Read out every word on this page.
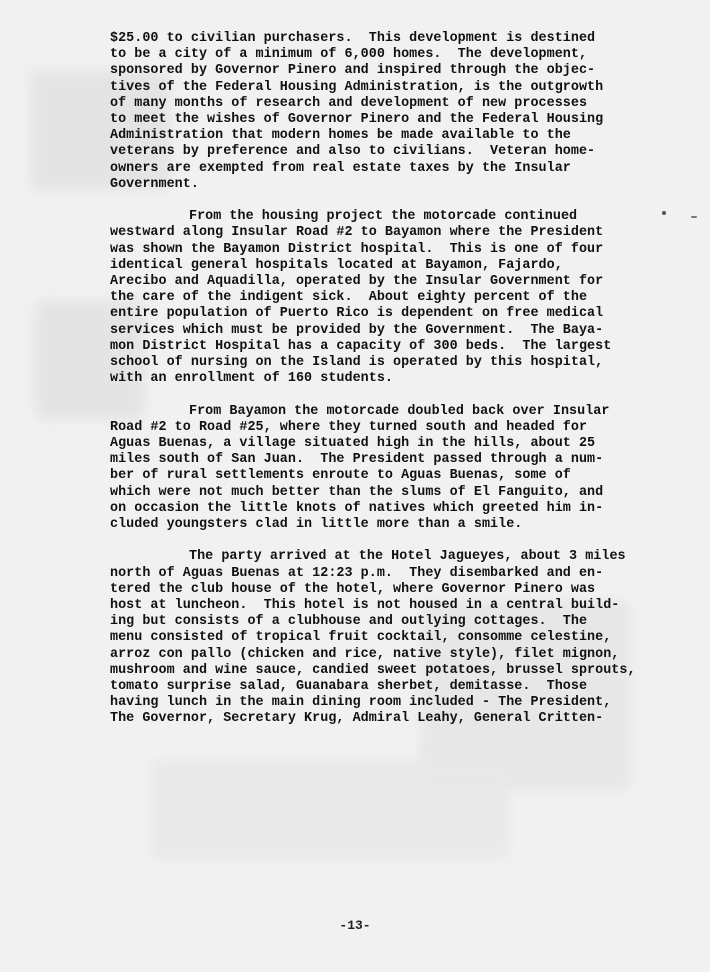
$25.00 to civilian purchasers.  This development is destined
to be a city of a minimum of 6,000 homes.  The development,
sponsored by Governor Pinero and inspired through the objec-
tives of the Federal Housing Administration, is the outgrowth
of many months of research and development of new processes
to meet the wishes of Governor Pinero and the Federal Housing
Administration that modern homes be made available to the
veterans by preference and also to civilians.  Veteran home-
owners are exempted from real estate taxes by the Insular
Government.
From the housing project the motorcade continued
westward along Insular Road #2 to Bayamon where the President
was shown the Bayamon District hospital.  This is one of four
identical general hospitals located at Bayamon, Fajardo,
Arecibo and Aquadilla, operated by the Insular Government for
the care of the indigent sick.  About eighty percent of the
entire population of Puerto Rico is dependent on free medical
services which must be provided by the Government.  The Baya-
mon District Hospital has a capacity of 300 beds.  The largest
school of nursing on the Island is operated by this hospital,
with an enrollment of 160 students.
From Bayamon the motorcade doubled back over Insular
Road #2 to Road #25, where they turned south and headed for
Aguas Buenas, a village situated high in the hills, about 25
miles south of San Juan.  The President passed through a num-
ber of rural settlements enroute to Aguas Buenas, some of
which were not much better than the slums of El Fanguito, and
on occasion the little knots of natives which greeted him in-
cluded youngsters clad in little more than a smile.
The party arrived at the Hotel Jagueyes, about 3 miles
north of Aguas Buenas at 12:23 p.m.  They disembarked and en-
tered the club house of the hotel, where Governor Pinero was
host at luncheon.  This hotel is not housed in a central build-
ing but consists of a clubhouse and outlying cottages.  The
menu consisted of tropical fruit cocktail, consomme celestine,
arroz con pallo (chicken and rice, native style), filet mignon,
mushroom and wine sauce, candied sweet potatoes, brussel sprouts,
tomato surprise salad, Guanabara sherbet, demitasse.  Those
having lunch in the main dining room included - The President,
The Governor, Secretary Krug, Admiral Leahy, General Critten-
-13-
